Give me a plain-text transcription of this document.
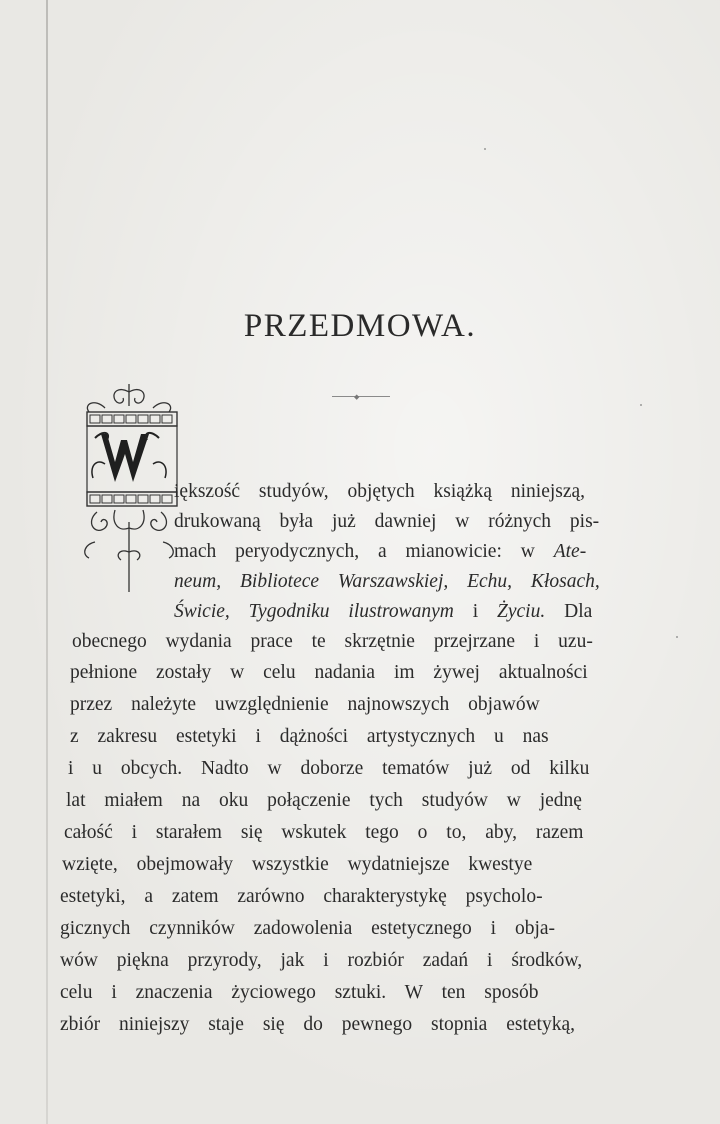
PRZEDMOWA.
◆
iększość studyów, objętych książką niniejszą,
drukowaną była już dawniej w różnych pis-
mach peryodycznych, a mianowicie: w Ate-
neum, Bibliotece Warszawskiej, Echu, Kłosach,
Świcie, Tygodniku ilustrowanym i Życiu. Dla
obecnego wydania prace te skrzętnie przejrzane i uzu-
pełnione zostały w celu nadania im żywej aktualności
przez należyte uwzględnienie najnowszych objawów
z zakresu estetyki i dążności artystycznych u nas
i u obcych. Nadto w doborze tematów już od kilku
lat miałem na oku połączenie tych studyów w jednę
całość i starałem się wskutek tego o to, aby, razem
wzięte, obejmowały wszystkie wydatniejsze kwestye
estetyki, a zatem zarówno charakterystykę psycholo-
gicznych czynników zadowolenia estetycznego i obja-
wów piękna przyrody, jak i rozbiór zadań i środków,
celu i znaczenia życiowego sztuki. W ten sposób
zbiór niniejszy staje się do pewnego stopnia estetyką,
